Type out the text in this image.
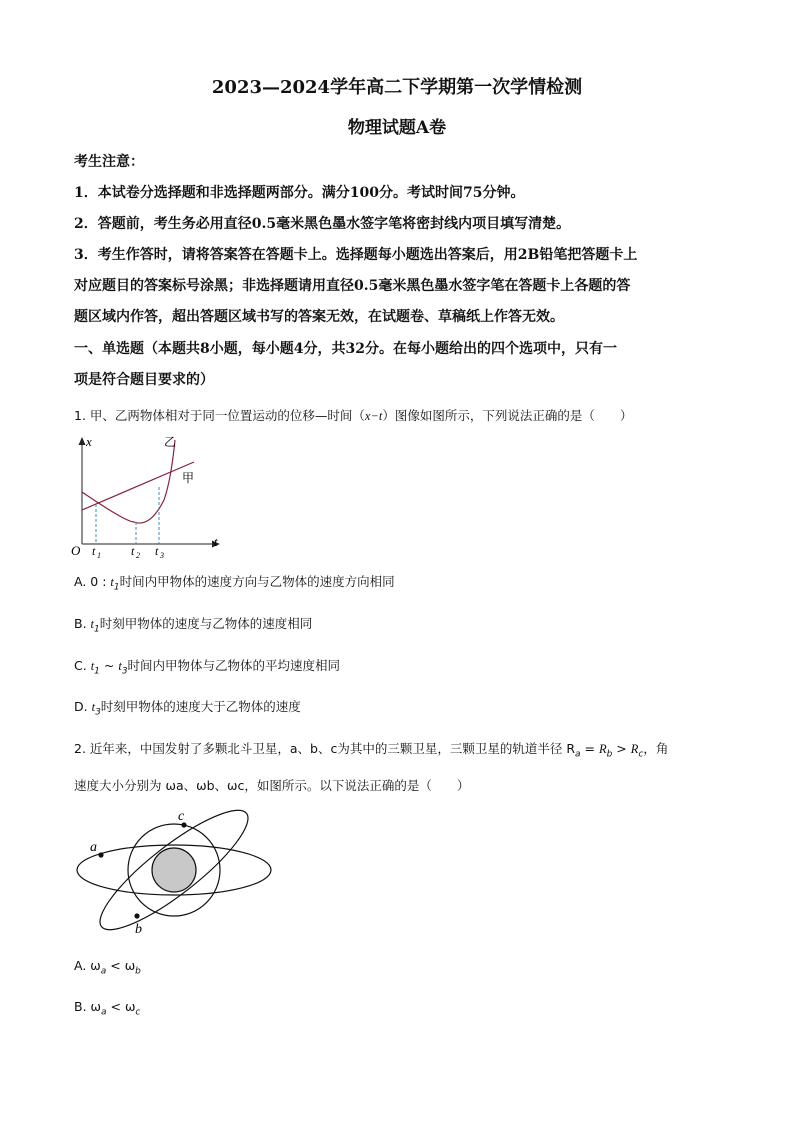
2023—2024学年高二下学期第一次学情检测
物理试题A卷
考生注意：
1．本试卷分选择题和非选择题两部分。满分100分。考试时间75分钟。
2．答题前，考生务必用直径0.5毫米黑色墨水签字笔将密封线内项目填写清楚。
3．考生作答时，请将答案答在答题卡上。选择题每小题选出答案后，用2B铅笔把答题卡上
对应题目的答案标号涂黑；非选择题请用直径0.5毫米黑色墨水签字笔在答题卡上各题的答
题区域内作答，超出答题区域书写的答案无效，在试题卷、草稿纸上作答无效。
一、单选题（本题共8小题，每小题4分，共32分。在每小题给出的四个选项中，只有一
项是符合题目要求的）
1. 甲、乙两物体相对于同一位置运动的位移—时间（x−t）图像如图所示，下列说法正确的是（　　）
x
t
O
乙
甲
t 1	t 2 t 3
A. 0 : $t_1$时间内甲物体的速度方向与乙物体的速度方向相同
B. $t_1$时刻甲物体的速度与乙物体的速度相同
C. $t_1$ ~ $t_3$时间内甲物体与乙物体的平均速度相同
D. $t_3$时刻甲物体的速度大于乙物体的速度
2. 近年来，中国发射了多颗北斗卫星，a、b、c为其中的三颗卫星，三颗卫星的轨道半径 $R_a = R_b > R_c$，角
速度大小分别为 ωa、ωb、ωc，如图所示。以下说法正确的是（　　）
a
c
b
A. $\omega_a < \omega_b$
B. $\omega_a < \omega_c$
